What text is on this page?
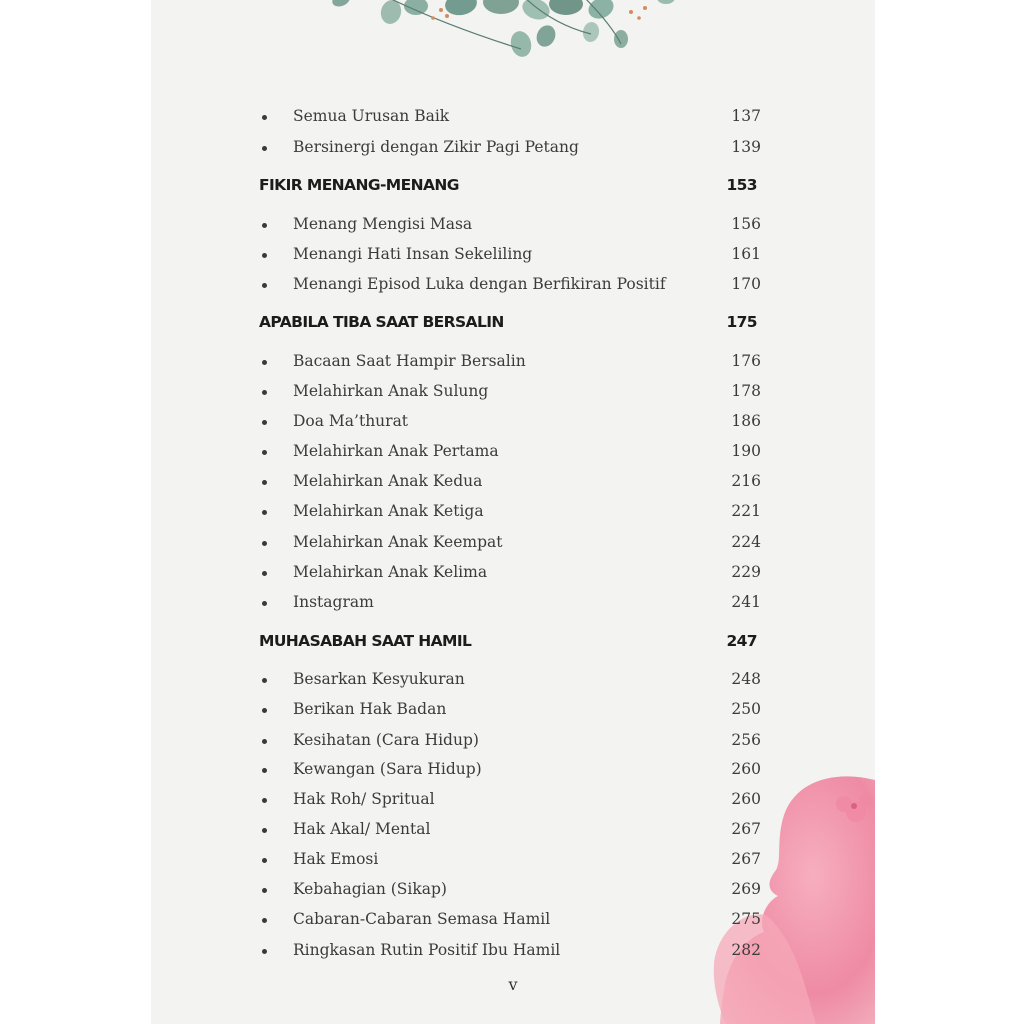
Semua Urusan Baik	137
Bersinergi dengan Zikir Pagi Petang	139
FIKIR MENANG-MENANG	153
Menang Mengisi Masa	156
Menangi Hati Insan Sekeliling	161
Menangi Episod Luka dengan Berfikiran Positif	170
APABILA TIBA SAAT BERSALIN	175
Bacaan Saat Hampir Bersalin	176
Melahirkan Anak Sulung	178
Doa Ma’thurat	186
Melahirkan Anak Pertama	190
Melahirkan Anak Kedua	216
Melahirkan Anak Ketiga	221
Melahirkan Anak Keempat	224
Melahirkan Anak Kelima	229
Instagram	241
MUHASABAH SAAT HAMIL	247
Besarkan Kesyukuran	248
Berikan Hak Badan	250
Kesihatan (Cara Hidup)	256
Kewangan (Sara Hidup)	260
Hak Roh/ Spritual	260
Hak Akal/ Mental	267
Hak Emosi	267
Kebahagian (Sikap)	269
Cabaran-Cabaran Semasa Hamil	275
Ringkasan Rutin Positif Ibu Hamil	282
v
